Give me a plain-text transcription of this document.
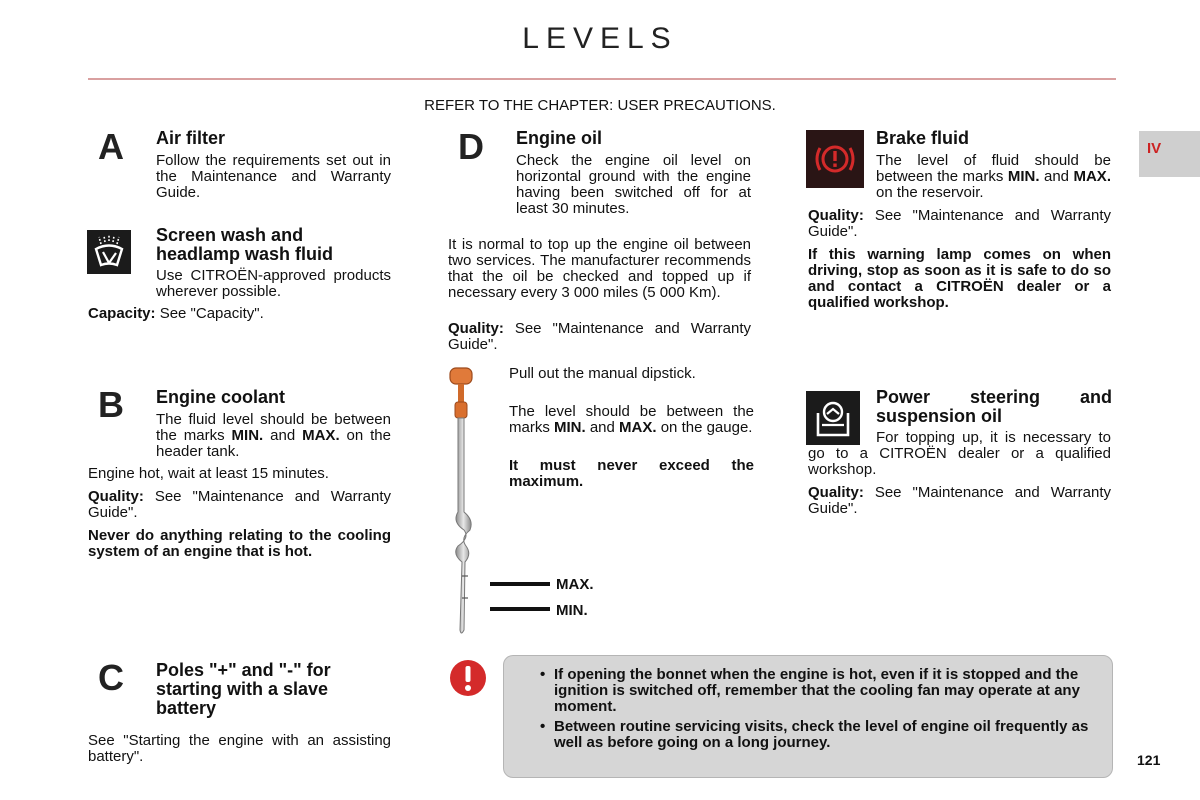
LEVELS
REFER TO THE CHAPTER: USER PRECAUTIONS.
IV
A Air filter
Follow the requirements set out in the Maintenance and Warranty Guide.
Screen wash and headlamp wash fluid
Use CITROËN-approved products wherever possible.
Capacity: See "Capacity".
B Engine coolant
The fluid level should be between the marks MIN. and MAX. on the header tank.
Engine hot, wait at least 15 minutes.
Quality: See "Maintenance and Warranty Guide".
Never do anything relating to the cooling system of an engine that is hot.
C Poles "+" and "-" for starting with a slave battery
See "Starting the engine with an assisting battery".
D Engine oil
Check the engine oil level on horizontal ground with the engine having been switched off for at least 30 minutes.
It is normal to top up the engine oil between two services. The manufacturer recommends that the oil be checked and topped up if necessary every 3 000 miles (5 000 Km).
Quality: See "Maintenance and Warranty Guide".
Pull out the manual dipstick.
The level should be between the marks MIN. and MAX. on the gauge.
It must never exceed the maximum.
MAX.
MIN.
Brake fluid
The level of fluid should be between the marks MIN. and MAX. on the reservoir.
Quality: See "Maintenance and Warranty Guide".
If this warning lamp comes on when driving, stop as soon as it is safe to do so and contact a CITROËN dealer or a qualified workshop.
Power steering and suspension oil
For topping up, it is necessary to go to a CITROËN dealer or a qualified workshop.
Quality: See "Maintenance and Warranty Guide".
• If opening the bonnet when the engine is hot, even if it is stopped and the ignition is switched off, remember that the cooling fan may operate at any moment.
• Between routine servicing visits, check the level of engine oil frequently as well as before going on a long journey.
121
